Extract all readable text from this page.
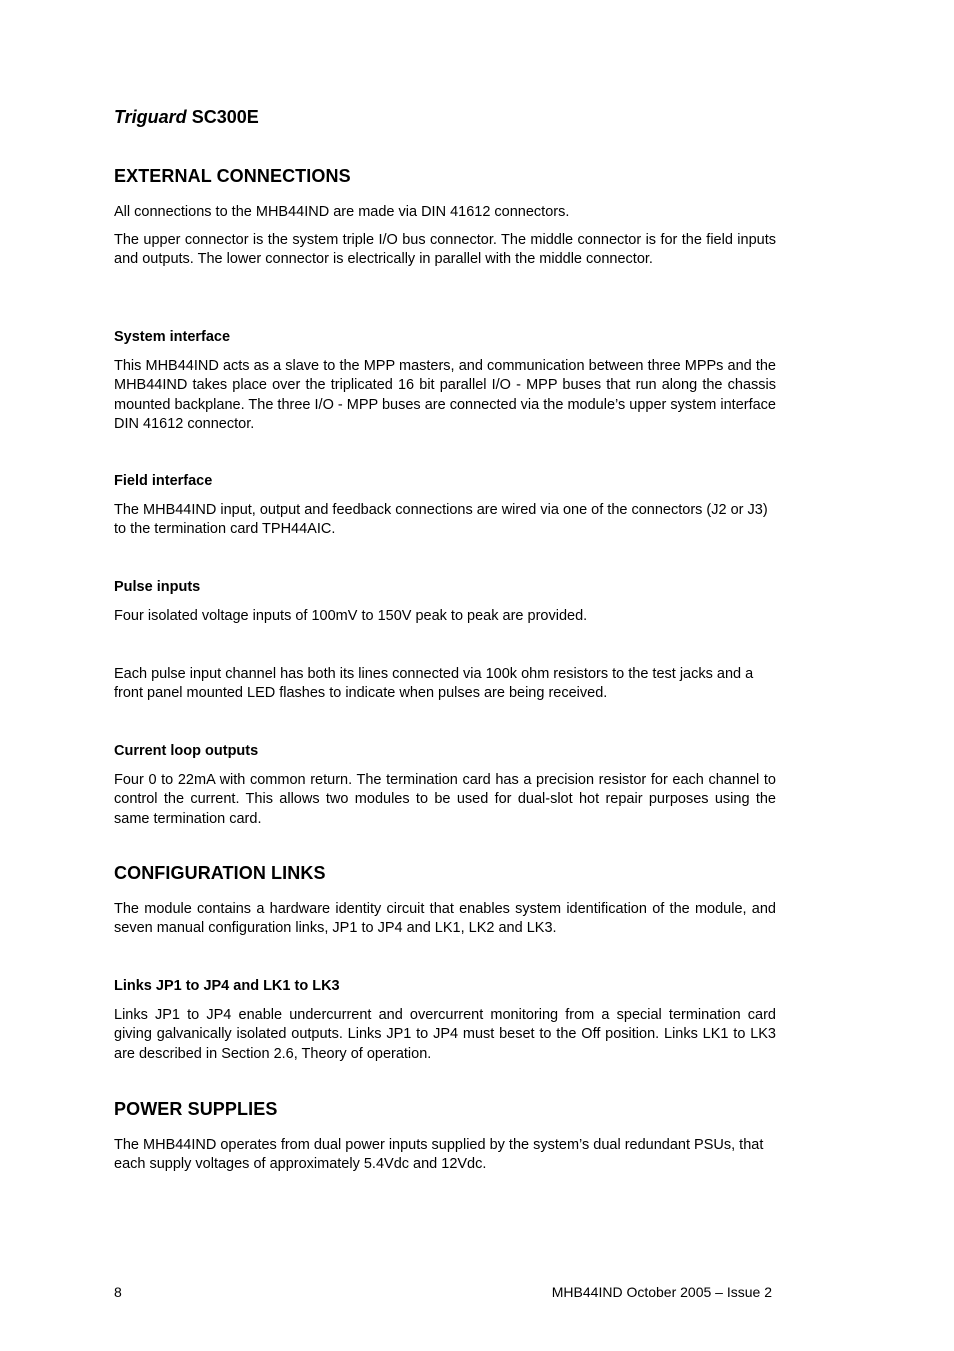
Triguard SC300E
EXTERNAL CONNECTIONS

All connections to the MHB44IND are made via DIN 41612 connectors.

The upper connector is the system triple I/O bus connector. The middle connector is for the field inputs and outputs. The lower connector is electrically in parallel with the middle connector.

System interface

This MHB44IND acts as a slave to the MPP masters, and communication between three MPPs and the MHB44IND takes place over the triplicated 16 bit parallel I/O - MPP buses that run along the chassis mounted backplane. The three I/O - MPP buses are connected via the module’s upper system interface DIN 41612 connector.

Field interface

The MHB44IND input, output and feedback connections are wired via one of the connectors (J2 or J3) to the termination card TPH44AIC.

Pulse inputs

Four isolated voltage inputs of 100mV to 150V peak to peak are provided.

Each pulse input channel has both its lines connected via 100k ohm resistors to the test jacks and a front panel mounted LED flashes to indicate when pulses are being received.

Current loop outputs

Four 0 to 22mA with common return. The termination card has a precision resistor for each channel to control the current. This allows two modules to be used for dual-slot hot repair purposes using the same termination card.

CONFIGURATION LINKS

The module contains a hardware identity circuit that enables system identification of the module, and seven manual configuration links, JP1 to JP4 and LK1, LK2 and LK3.

Links JP1 to JP4 and LK1 to LK3

Links JP1 to JP4 enable undercurrent and overcurrent monitoring from a special termination card giving galvanically isolated outputs. Links JP1 to JP4 must beset to the Off position. Links LK1 to LK3 are described in Section 2.6, Theory of operation.

POWER SUPPLIES

The MHB44IND operates from dual power inputs supplied by the system’s dual redundant PSUs, that each supply voltages of approximately 5.4Vdc and 12Vdc.

8	MHB44IND October 2005 – Issue 2
